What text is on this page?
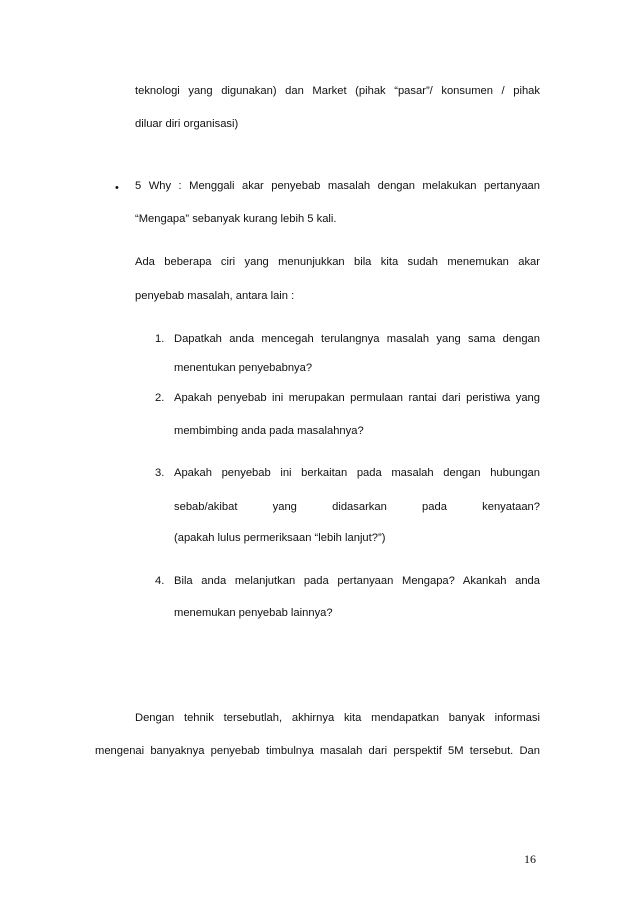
teknologi yang digunakan) dan Market (pihak “pasar”/ konsumen / pihak
diluar diri organisasi)
• 5 Why : Menggali akar penyebab masalah dengan melakukan pertanyaan
“Mengapa” sebanyak kurang lebih 5 kali.
Ada beberapa ciri yang menunjukkan bila kita sudah menemukan akar
penyebab masalah, antara lain :
1. Dapatkah anda mencegah terulangnya masalah yang sama dengan
menentukan penyebabnya?
2. Apakah penyebab ini merupakan permulaan rantai dari peristiwa yang
membimbing anda pada masalahnya?
3. Apakah penyebab ini berkaitan pada masalah dengan hubungan
sebab/akibat yang didasarkan pada kenyataan?
(apakah lulus permeriksaan “lebih lanjut?”)
4. Bila anda melanjutkan pada pertanyaan Mengapa? Akankah anda
menemukan penyebab lainnya?
Dengan tehnik tersebutlah, akhirnya kita mendapatkan banyak informasi
mengenai banyaknya penyebab timbulnya masalah dari perspektif 5M tersebut. Dan
16
